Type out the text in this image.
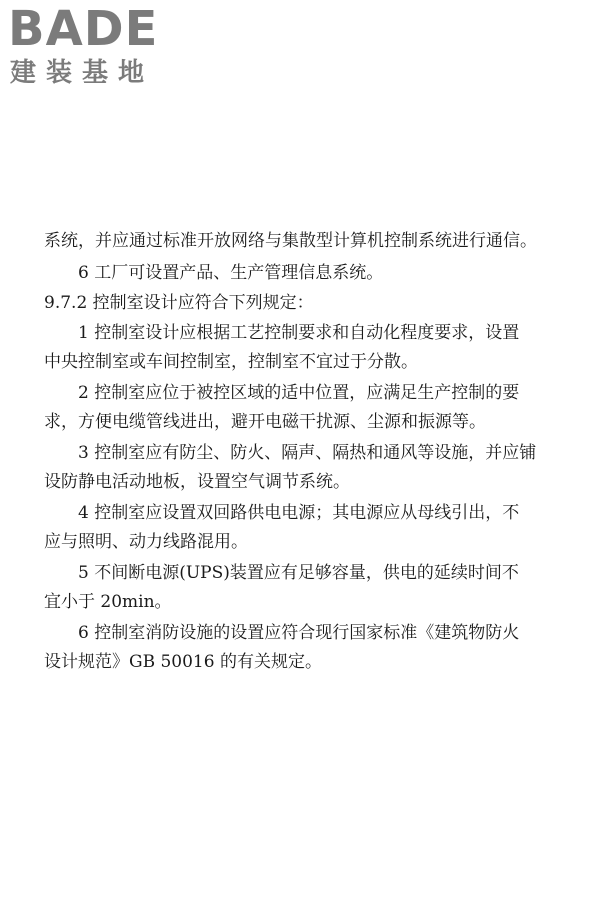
BADE
建装基地
系统，并应通过标准开放网络与集散型计算机控制系统进行通信。
6 工厂可设置产品、生产管理信息系统。
9.7.2 控制室设计应符合下列规定：
1 控制室设计应根据工艺控制要求和自动化程度要求，设置
中央控制室或车间控制室，控制室不宜过于分散。
2 控制室应位于被控区域的适中位置，应满足生产控制的要
求，方便电缆管线进出，避开电磁干扰源、尘源和振源等。
3 控制室应有防尘、防火、隔声、隔热和通风等设施，并应铺
设防静电活动地板，设置空气调节系统。
4 控制室应设置双回路供电电源；其电源应从母线引出，不
应与照明、动力线路混用。
5 不间断电源(UPS)装置应有足够容量，供电的延续时间不
宜小于 20min。
6 控制室消防设施的设置应符合现行国家标准《建筑物防火
设计规范》GB 50016 的有关规定。
